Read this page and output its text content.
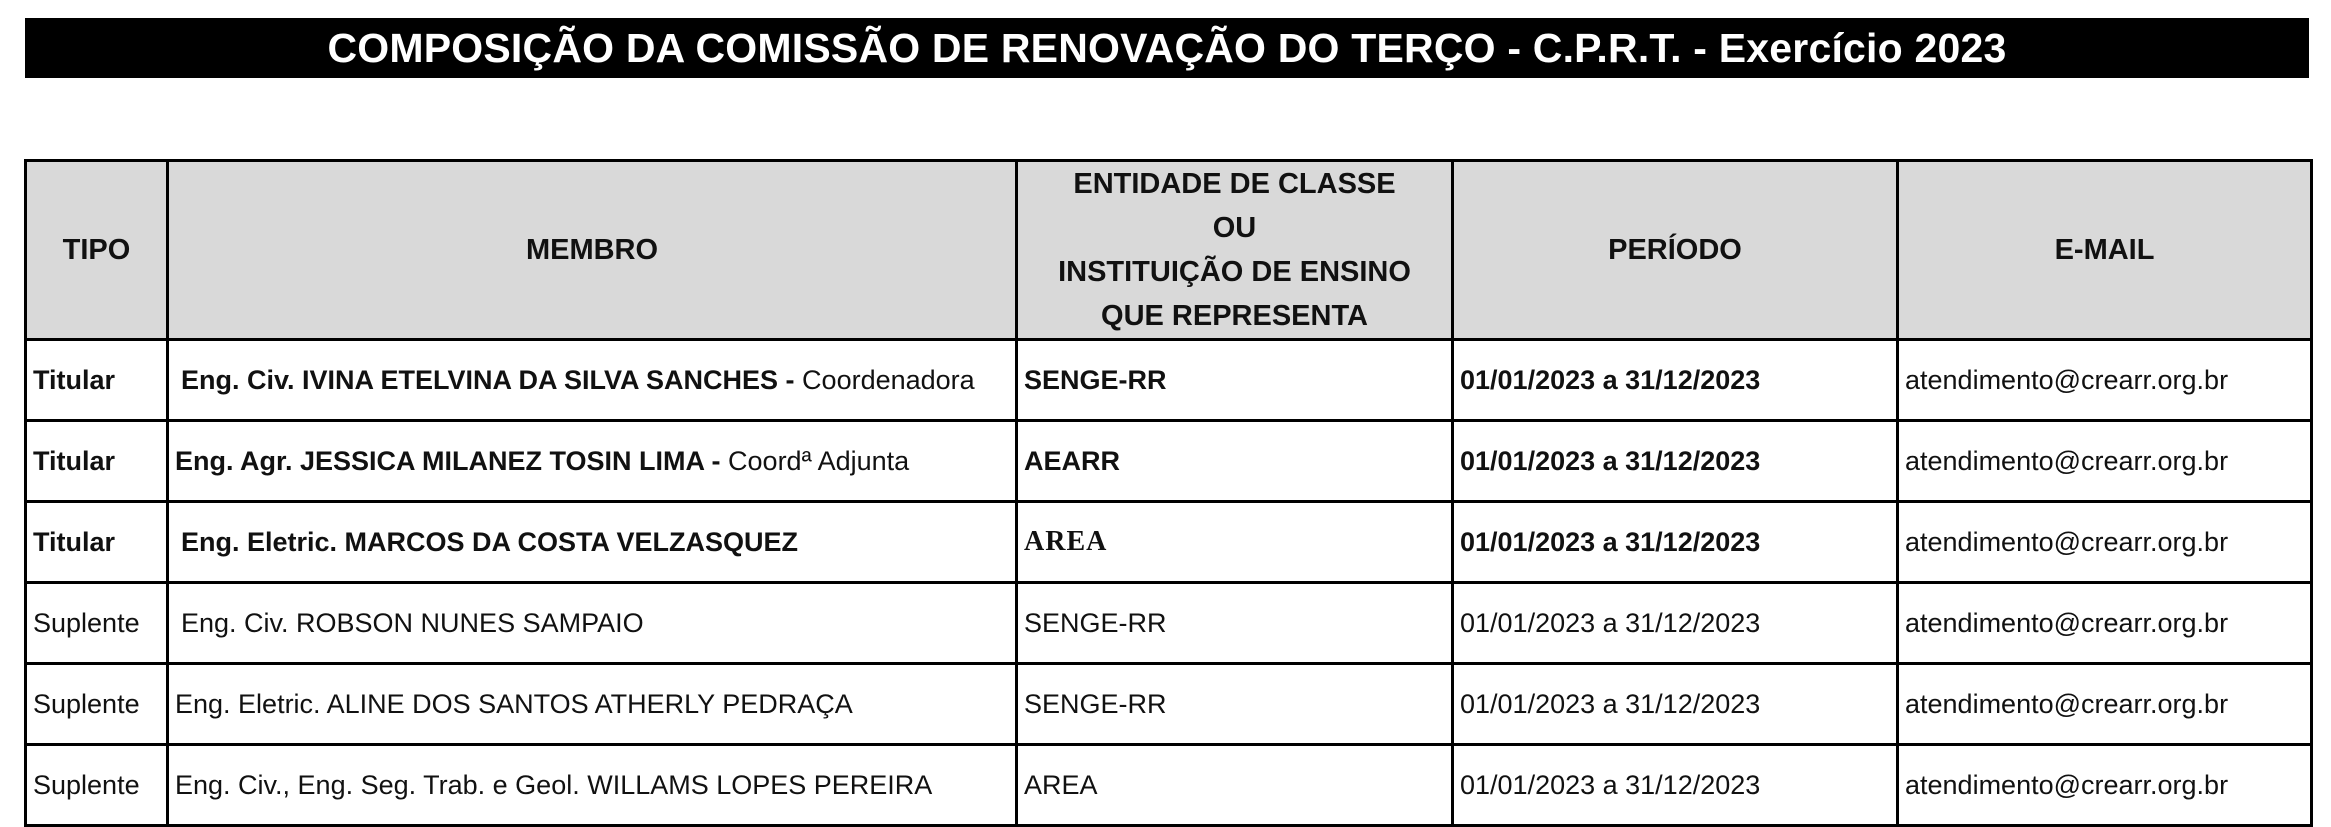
COMPOSIÇÃO DA COMISSÃO DE RENOVAÇÃO DO TERÇO - C.P.R.T. - Exercício 2023
TIPO	MEMBRO	ENTIDADE DE CLASSE
OU
INSTITUIÇÃO DE ENSINO
QUE REPRESENTA	PERÍODO	E-MAIL
Titular	Eng. Civ. IVINA ETELVINA DA SILVA SANCHES - Coordenadora	SENGE-RR	01/01/2023 a 31/12/2023	atendimento@crearr.org.br
Titular	Eng. Agr. JESSICA MILANEZ TOSIN LIMA - Coordª Adjunta	AEARR	01/01/2023 a 31/12/2023	atendimento@crearr.org.br
Titular	Eng. Eletric. MARCOS DA COSTA VELZASQUEZ	AREA	01/01/2023 a 31/12/2023	atendimento@crearr.org.br
Suplente	Eng. Civ. ROBSON NUNES SAMPAIO	SENGE-RR	01/01/2023 a 31/12/2023	atendimento@crearr.org.br
Suplente	Eng. Eletric. ALINE DOS SANTOS ATHERLY PEDRAÇA	SENGE-RR	01/01/2023 a 31/12/2023	atendimento@crearr.org.br
Suplente	Eng. Civ., Eng. Seg. Trab. e Geol. WILLAMS LOPES PEREIRA	AREA	01/01/2023 a 31/12/2023	atendimento@crearr.org.br
